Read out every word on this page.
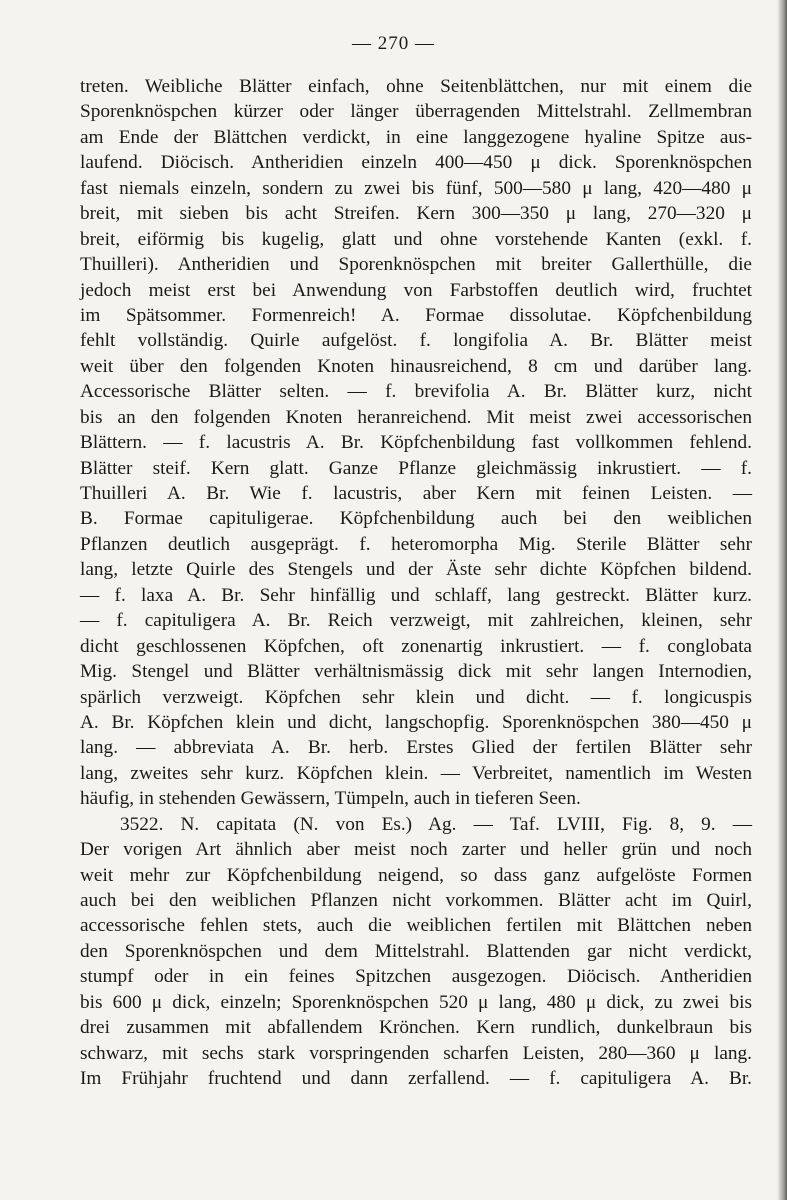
— 270 —
treten. Weibliche Blätter einfach, ohne Seitenblättchen, nur mit einem die
Sporenknöspchen kürzer oder länger überragenden Mittelstrahl. Zellmembran
am Ende der Blättchen verdickt, in eine langgezogene hyaline Spitze aus-
laufend. Diöcisch. Antheridien einzeln 400—450 μ dick. Sporenknöspchen
fast niemals einzeln, sondern zu zwei bis fünf, 500—580 μ lang, 420—480 μ
breit, mit sieben bis acht Streifen. Kern 300—350 μ lang, 270—320 μ
breit, eiförmig bis kugelig, glatt und ohne vorstehende Kanten (exkl. f.
Thuilleri). Antheridien und Sporenknöspchen mit breiter Gallerthülle, die
jedoch meist erst bei Anwendung von Farbstoffen deutlich wird, fruchtet
im Spätsommer. Formenreich! A. Formae dissolutae. Köpfchenbildung
fehlt vollständig. Quirle aufgelöst. f. longifolia A. Br. Blätter meist
weit über den folgenden Knoten hinausreichend, 8 cm und darüber lang.
Accessorische Blätter selten. — f. brevifolia A. Br. Blätter kurz, nicht
bis an den folgenden Knoten heranreichend. Mit meist zwei accessorischen
Blättern. — f. lacustris A. Br. Köpfchenbildung fast vollkommen fehlend.
Blätter steif. Kern glatt. Ganze Pflanze gleichmässig inkrustiert. — f.
Thuilleri A. Br. Wie f. lacustris, aber Kern mit feinen Leisten. —
B. Formae capituligerae. Köpfchenbildung auch bei den weiblichen
Pflanzen deutlich ausgeprägt. f. heteromorpha Mig. Sterile Blätter sehr
lang, letzte Quirle des Stengels und der Äste sehr dichte Köpfchen bildend.
— f. laxa A. Br. Sehr hinfällig und schlaff, lang gestreckt. Blätter kurz.
— f. capituligera A. Br. Reich verzweigt, mit zahlreichen, kleinen, sehr
dicht geschlossenen Köpfchen, oft zonenartig inkrustiert. — f. conglobata
Mig. Stengel und Blätter verhältnismässig dick mit sehr langen Internodien,
spärlich verzweigt. Köpfchen sehr klein und dicht. — f. longicuspis
A. Br. Köpfchen klein und dicht, langschopfig. Sporenknöspchen 380—450 μ
lang. — abbreviata A. Br. herb. Erstes Glied der fertilen Blätter sehr
lang, zweites sehr kurz. Köpfchen klein. — Verbreitet, namentlich im Westen
häufig, in stehenden Gewässern, Tümpeln, auch in tieferen Seen.
3522. N. capitata (N. von Es.) Ag. — Taf. LVIII, Fig. 8, 9. —
Der vorigen Art ähnlich aber meist noch zarter und heller grün und noch
weit mehr zur Köpfchenbildung neigend, so dass ganz aufgelöste Formen
auch bei den weiblichen Pflanzen nicht vorkommen. Blätter acht im Quirl,
accessorische fehlen stets, auch die weiblichen fertilen mit Blättchen neben
den Sporenknöspchen und dem Mittelstrahl. Blattenden gar nicht verdickt,
stumpf oder in ein feines Spitzchen ausgezogen. Diöcisch. Antheridien
bis 600 μ dick, einzeln; Sporenknöspchen 520 μ lang, 480 μ dick, zu zwei bis
drei zusammen mit abfallendem Krönchen. Kern rundlich, dunkelbraun bis
schwarz, mit sechs stark vorspringenden scharfen Leisten, 280—360 μ lang.
Im Frühjahr fruchtend und dann zerfallend. — f. capituligera A. Br.
